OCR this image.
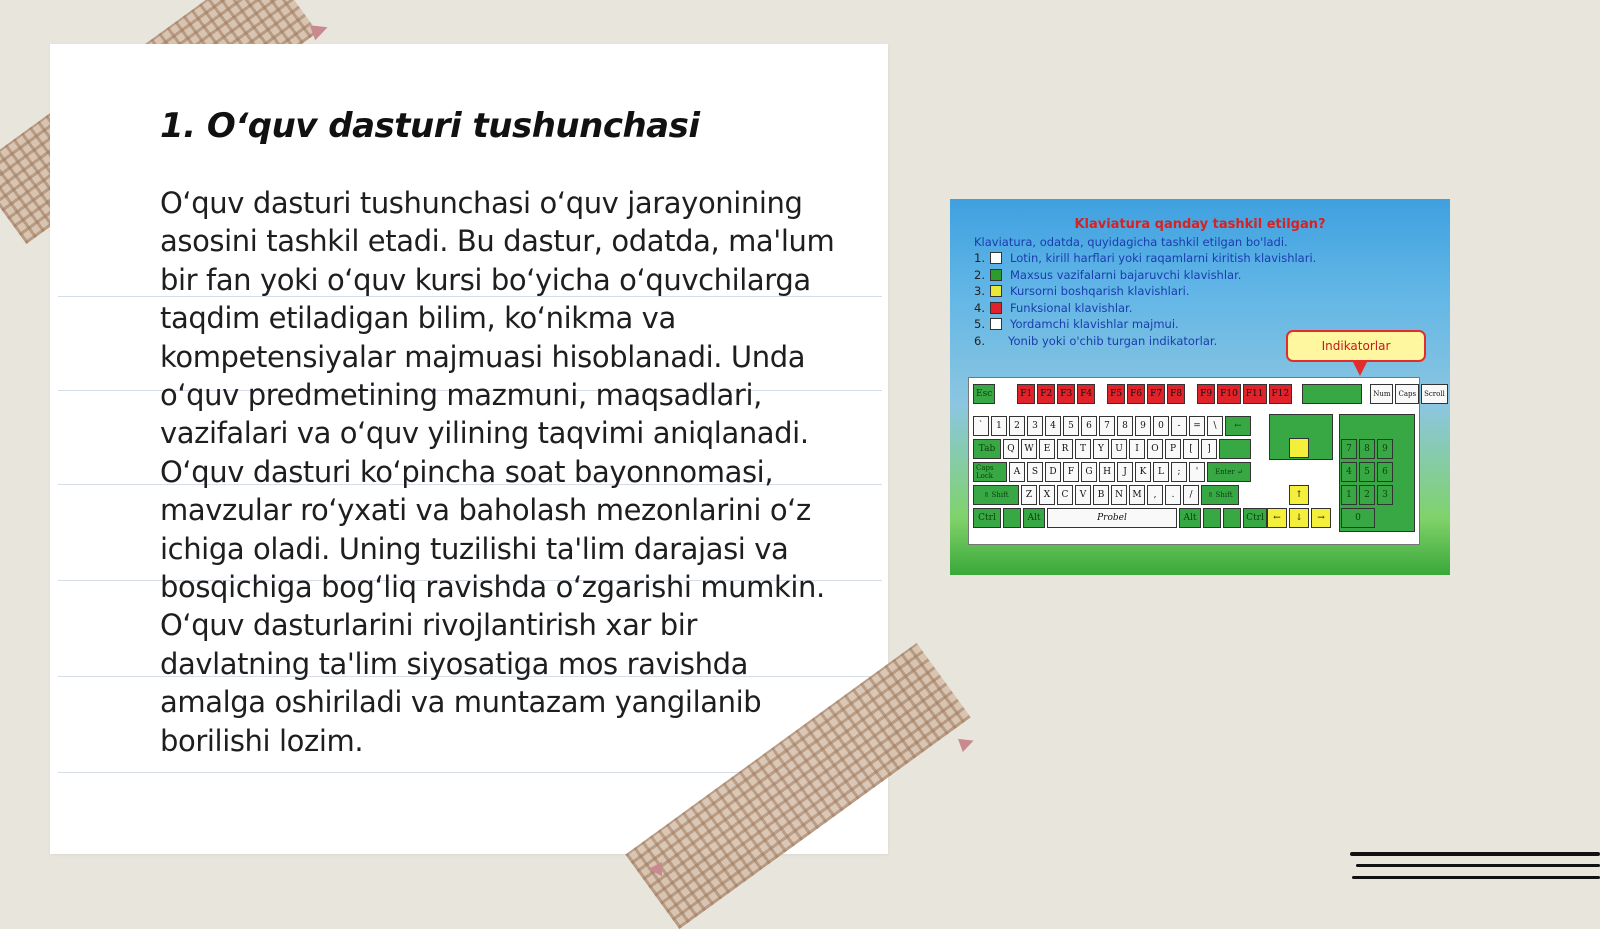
1. O‘quv dasturi tushunchasi

O‘quv dasturi tushunchasi o‘quv jarayonining asosini tashkil etadi. Bu dastur, odatda, ma'lum bir fan yoki o‘quv kursi bo‘yicha o‘quvchilarga taqdim etiladigan bilim, ko‘nikma va kompetensiyalar majmuasi hisoblanadi. Unda o‘quv predmetining mazmuni, maqsadlari, vazifalari va o‘quv yilining taqvimi aniqlanadi. O‘quv dasturi ko‘pincha soat bayonnomasi, mavzular ro‘yxati va baholash mezonlarini o‘z ichiga oladi. Uning tuzilishi ta'lim darajasi va bosqichiga bog‘liq ravishda o‘zgarishi mumkin. O‘quv dasturlarini rivojlantirish xar bir davlatning ta'lim siyosatiga mos ravishda amalga oshiriladi va muntazam yangilanib borilishi lozim.

Klaviatura qanday tashkil etilgan?
Klaviatura, odatda, quyidagicha tashkil etilgan bo'ladi.
1.	Lotin, kirill harflari yoki raqamlarni kiritish klavishlari.
2.	Maxsus vazifalarni bajaruvchi klavishlar.
3.	Kursorni boshqarish klavishlari.
4.	Funksional klavishlar.
5.	Yordamchi klavishlar majmui.
6.	Yonib yoki o'chib turgan indikatorlar.	Indikatorlar
Esc	F1 F2 F3 F4	F5 F6 F7 F8	F9 F10 F11 F12	Num	Caps	Scroll
`	1	2	3	4	5	6	7	8	9	0	-	=	\	←
Tab	Q	W	E	R	T	Y	U	I	O	P	[	]
Caps Lock	A	S	D	F	G	H	J	K	L	;	'	Enter ↵
⇑ Shift	Z	X	C	V	B	N	M	,	.	/	⇑ Shift
Ctrl	Alt	Probel	Alt	Ctrl
↑
←	↓	→
7	8	9
4	5	6
1	2	3
0
